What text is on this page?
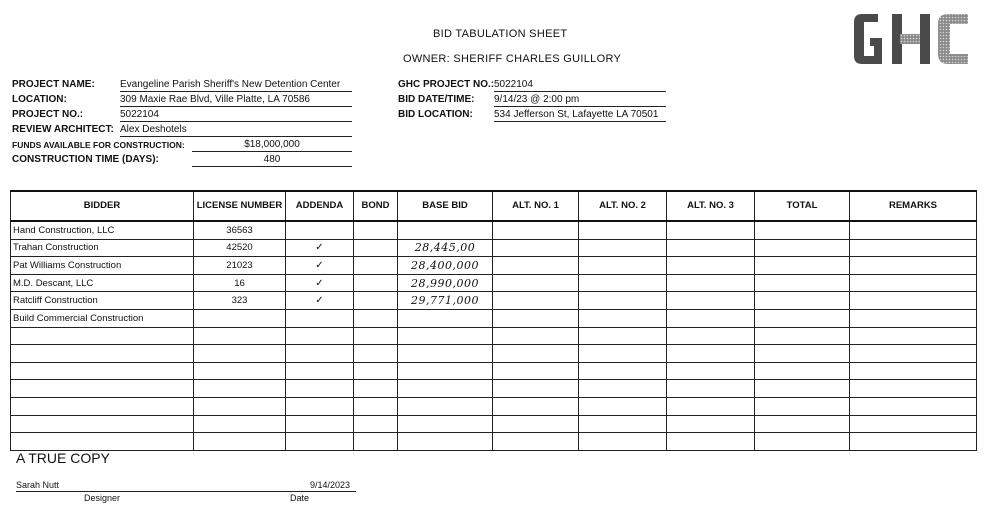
BID TABULATION SHEET
OWNER: SHERIFF CHARLES GUILLORY
PROJECT NAME:	Evangeline Parish Sheriff's New Detention Center
LOCATION:	309 Maxie Rae Blvd, Ville Platte, LA 70586
PROJECT NO.:	5022104
REVIEW ARCHITECT: Alex Deshotels
FUNDS AVAILABLE FOR CONSTRUCTION:	$18,000,000
CONSTRUCTION TIME (DAYS):	480
GHC PROJECT NO.: 5022104
BID DATE/TIME: 9/14/23 @ 2:00 pm
BID LOCATION: 534 Jefferson St, Lafayette LA 70501
BIDDER	LICENSE NUMBER	ADDENDA	BOND	BASE BID	ALT. NO. 1	ALT. NO. 2	ALT. NO. 3	TOTAL	REMARKS
Hand Construction, LLC	36563								
Trahan Construction	42520	✓		28,445,00					
Pat Williams Construction	21023	✓		28,400,000					
M.D. Descant, LLC	16	✓		28,990,000					
Ratcliff Construction	323	✓		29,771,000					
Build Commercial Construction									

A TRUE COPY
Sarah Nutt	9/14/2023
Designer	Date
